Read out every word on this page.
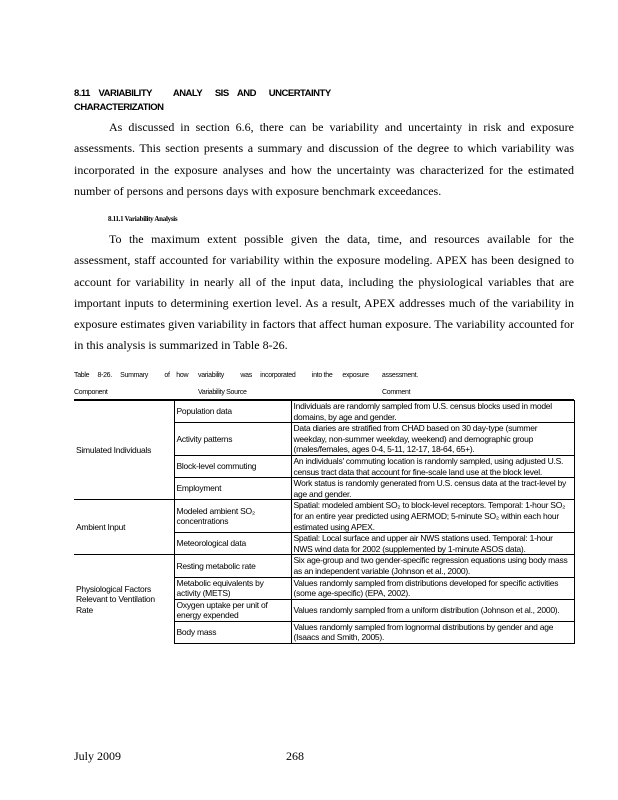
8.11    VARIABILITY          ANALY      SIS    AND      UNCERTAINTY
CHARACTERIZATION

As discussed in section 6.6, there can be variability and uncertainty in risk and exposure assessments. This section presents a summary and discussion of the degree to which variability was incorporated in the exposure analyses and how the uncertainty was characterized for the estimated number of persons and persons days with exposure benchmark exceedances.

8.11.1 Variability Analysis

To the maximum extent possible given the data, time, and resources available for the assessment, staff accounted for variability within the exposure modeling. APEX has been designed to account for variability in nearly all of the input data, including the physiological variables that are important inputs to determining exertion level. As a result, APEX addresses much of the variability in exposure estimates given variability in factors that affect human exposure. The variability accounted for in this analysis is summarized in Table 8-26.

Table     8-26.     Summary          of    how      variability          was     incorporated          into the      exposure        assessment.
Component	Variability Source	Comment
Simulated Individuals	Population data	Individuals are randomly sampled from U.S. census blocks used in model domains, by age and gender.
	Activity patterns	Data diaries are stratified from CHAD based on 30 day-type (summer weekday, non-summer weekday, weekend) and demographic group (males/females, ages 0-4, 5-11, 12-17, 18-64, 65+).
	Block-level commuting	An individuals' commuting location is randomly sampled, using adjusted U.S. census tract data that account for fine-scale land use at the block level.
	Employment	Work status is randomly generated from U.S. census data at the tract-level by age and gender.
Ambient Input	Modeled ambient SO₂ concentrations	Spatial: modeled ambient SO₂ to block-level receptors. Temporal: 1-hour SO₂ for an entire year predicted using AERMOD; 5-minute SO₂ within each hour estimated using APEX.
	Meteorological data	Spatial: Local surface and upper air NWS stations used. Temporal: 1-hour NWS wind data for 2002 (supplemented by 1-minute ASOS data).
Physiological Factors Relevant to Ventilation Rate	Resting metabolic rate	Six age-group and two gender-specific regression equations using body mass as an independent variable (Johnson et al., 2000).
	Metabolic equivalents by activity (METS)	Values randomly sampled from distributions developed for specific activities (some age-specific) (EPA, 2002).
	Oxygen uptake per unit of energy expended	Values randomly sampled from a uniform distribution (Johnson et al., 2000).
	Body mass	Values randomly sampled from lognormal distributions by gender and age (Isaacs and Smith, 2005).
July 2009	268
